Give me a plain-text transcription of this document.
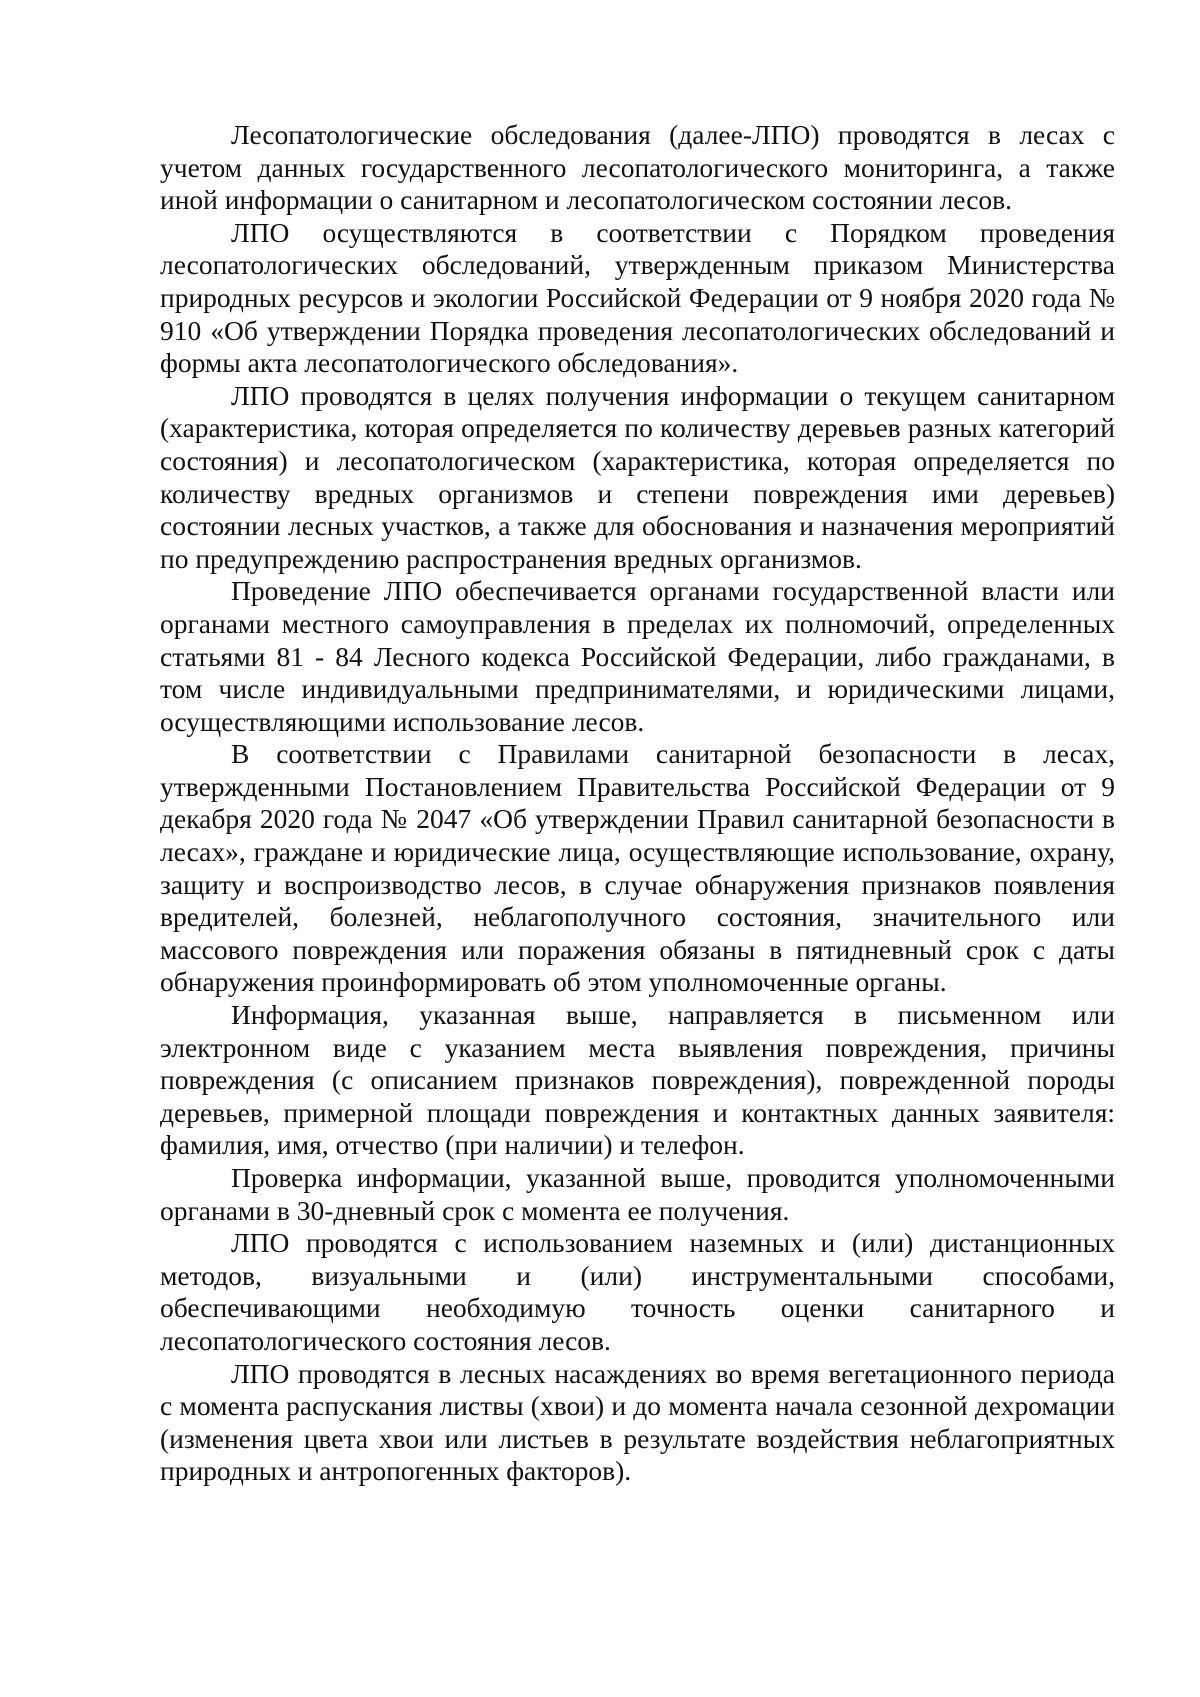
Лесопатологические обследования (далее-ЛПО) проводятся в лесах с учетом данных государственного лесопатологического мониторинга, а также иной информации о санитарном и лесопатологическом состоянии лесов.

ЛПО осуществляются в соответствии с Порядком проведения лесопатологических обследований, утвержденным приказом Министерства природных ресурсов и экологии Российской Федерации от 9 ноября 2020 года № 910 «Об утверждении Порядка проведения лесопатологических обследований и формы акта лесопатологического обследования».

ЛПО проводятся в целях получения информации о текущем санитарном (характеристика, которая определяется по количеству деревьев разных категорий состояния) и лесопатологическом (характеристика, которая определяется по количеству вредных организмов и степени повреждения ими деревьев) состоянии лесных участков, а также для обоснования и назначения мероприятий по предупреждению распространения вредных организмов.

Проведение ЛПО обеспечивается органами государственной власти или органами местного самоуправления в пределах их полномочий, определенных статьями 81 - 84 Лесного кодекса Российской Федерации, либо гражданами, в том числе индивидуальными предпринимателями, и юридическими лицами, осуществляющими использование лесов.

В соответствии с Правилами санитарной безопасности в лесах, утвержденными Постановлением Правительства Российской Федерации от 9 декабря 2020 года № 2047 «Об утверждении Правил санитарной безопасности в лесах», граждане и юридические лица, осуществляющие использование, охрану, защиту и воспроизводство лесов, в случае обнаружения признаков появления вредителей, болезней, неблагополучного состояния, значительного или массового повреждения или поражения обязаны в пятидневный срок с даты обнаружения проинформировать об этом уполномоченные органы.

Информация, указанная выше, направляется в письменном или электронном виде с указанием места выявления повреждения, причины повреждения (с описанием признаков повреждения), поврежденной породы деревьев, примерной площади повреждения и контактных данных заявителя: фамилия, имя, отчество (при наличии) и телефон.

Проверка информации, указанной выше, проводится уполномоченными органами в 30-дневный срок с момента ее получения.

ЛПО проводятся с использованием наземных и (или) дистанционных методов, визуальными и (или) инструментальными способами, обеспечивающими необходимую точность оценки санитарного и лесопатологического состояния лесов.

ЛПО проводятся в лесных насаждениях во время вегетационного периода с момента распускания листвы (хвои) и до момента начала сезонной дехромации (изменения цвета хвои или листьев в результате воздействия неблагоприятных природных и антропогенных факторов).
